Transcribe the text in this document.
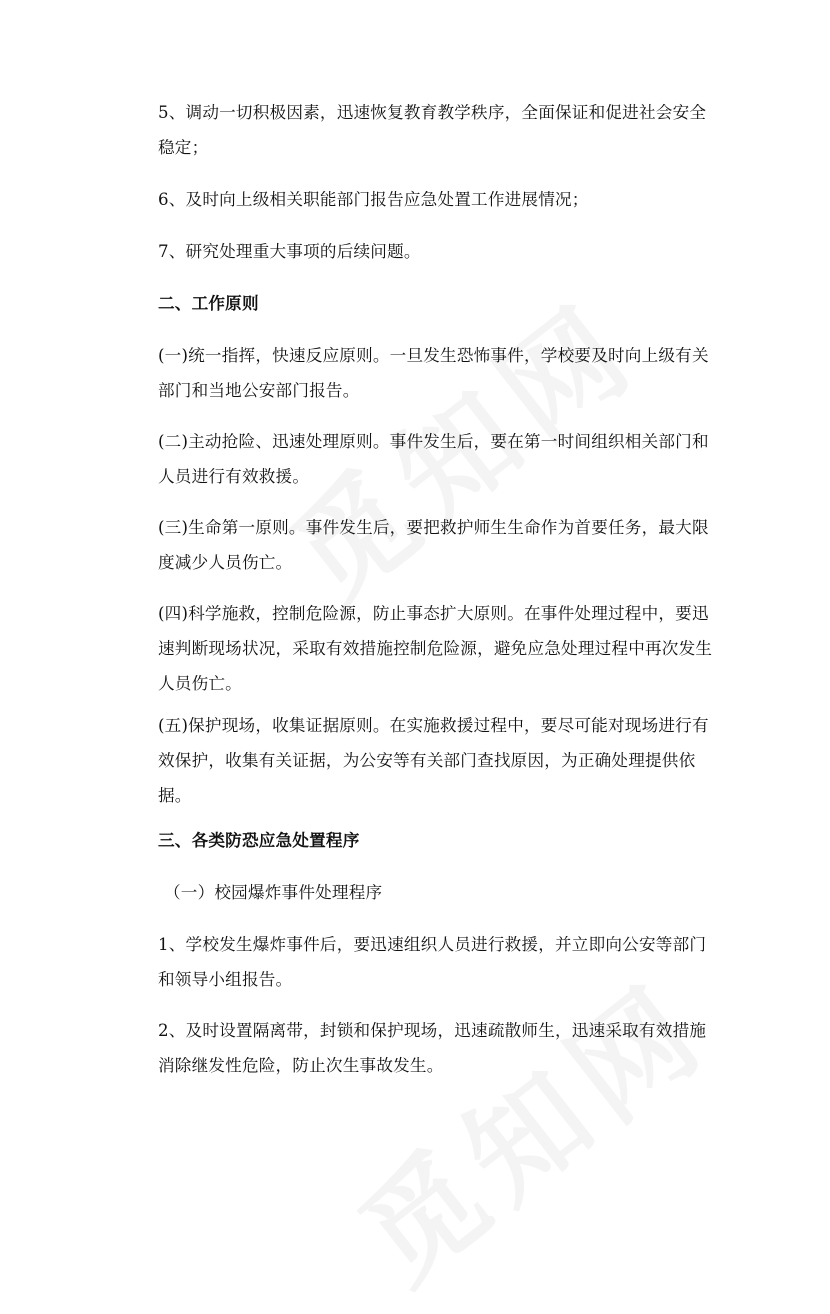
5、调动一切积极因素，迅速恢复教育教学秩序，全面保证和促进社会安全稳定；

6、及时向上级相关职能部门报告应急处置工作进展情况；

7、研究处理重大事项的后续问题。

二、工作原则

(一)统一指挥，快速反应原则。一旦发生恐怖事件，学校要及时向上级有关部门和当地公安部门报告。

(二)主动抢险、迅速处理原则。事件发生后，要在第一时间组织相关部门和人员进行有效救援。

(三)生命第一原则。事件发生后，要把救护师生生命作为首要任务，最大限度减少人员伤亡。

(四)科学施救，控制危险源，防止事态扩大原则。在事件处理过程中，要迅速判断现场状况，采取有效措施控制危险源，避免应急处理过程中再次发生人员伤亡。

(五)保护现场，收集证据原则。在实施救援过程中，要尽可能对现场进行有效保护，收集有关证据，为公安等有关部门查找原因，为正确处理提供依据。

三、各类防恐应急处置程序

（一）校园爆炸事件处理程序

1、学校发生爆炸事件后，要迅速组织人员进行救援，并立即向公安等部门和领导小组报告。

2、及时设置隔离带，封锁和保护现场，迅速疏散师生，迅速采取有效措施消除继发性危险，防止次生事故发生。
